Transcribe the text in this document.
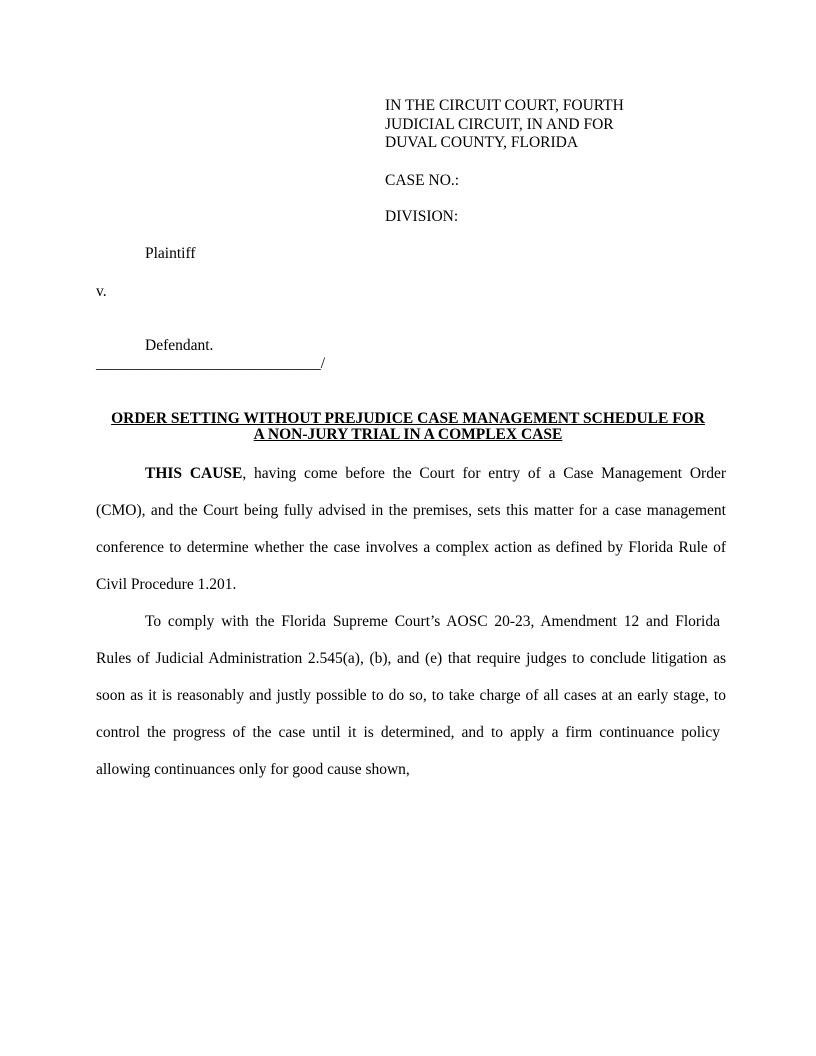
IN THE CIRCUIT COURT, FOURTH
JUDICIAL CIRCUIT, IN AND FOR
DUVAL COUNTY, FLORIDA
CASE NO.:
DIVISION:
Plaintiff
v.
Defendant.
_____________________________/
ORDER SETTING WITHOUT PREJUDICE CASE MANAGEMENT SCHEDULE FOR
A NON-JURY TRIAL IN A COMPLEX CASE
THIS CAUSE, having come before the Court for entry of a Case Management Order
(CMO), and the Court being fully advised in the premises, sets this matter for a case management
conference to determine whether the case involves a complex action as defined by Florida Rule of
Civil Procedure 1.201.
To comply with the Florida Supreme Court’s AOSC 20-23, Amendment 12 and Florida
Rules of Judicial Administration 2.545(a), (b), and (e) that require judges to conclude litigation as
soon as it is reasonably and justly possible to do so, to take charge of all cases at an early stage, to
control the progress of the case until it is determined, and to apply a firm continuance policy
allowing continuances only for good cause shown,
